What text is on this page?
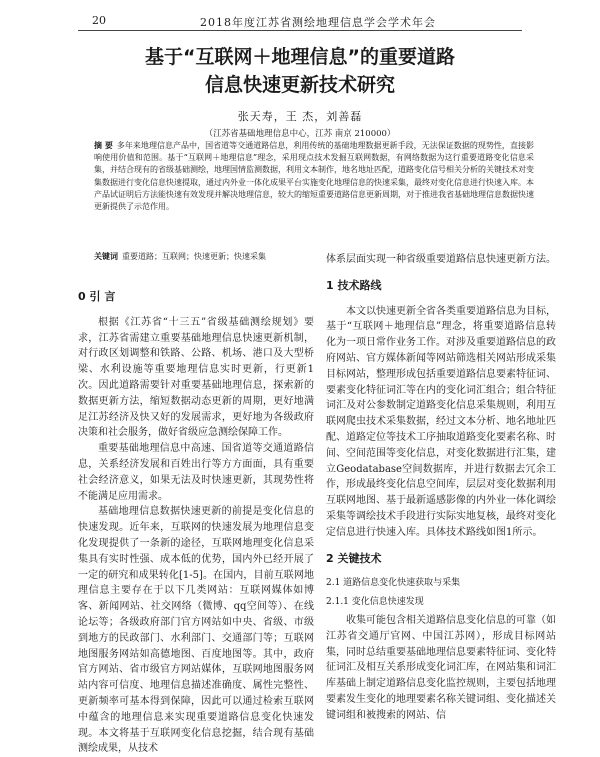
20	2018年度江苏省测绘地理信息学会学术年会
基于“互联网＋地理信息”的重要道路
信息快速更新技术研究
张天寿，王 杰，刘善磊
（江苏省基础地理信息中心，江苏 南京 210000）
摘 要 多年来地理信息产品中，国省道等交通道路信息，利用传统的基础地理数据更新手段，无法保证数据的现势性，直接影响使用价值和范围。基于“互联网＋地理信息”理念，采用现点技术发掘互联网数据，有网络数据为这行重要道路变化信息采集，并结合现有的省级基础测绘，地理国情监测数据，利用文本制作，地名地址匹配，道路变化信号相关分析的关键技术对变集数据进行变化信息快速提取，通过内外业一体化成果平台实施变化地理信息的快速采集，最终对变化信息进行快速入库。本产品试证明后方法能快速有效发现并解决地理信息，较大的缩短重要道路信息更新周期，对于推进我省基础地理信息数据快速更新提供了示范作用。
关键词 重要道路；互联网；快速更新；快速采集
0 引 言

根据《江苏省“十三五”省级基础测绘规划》要求，江苏省需建立重要基础地理信息快速更新机制，对行政区划调整和铁路、公路、机场、港口及大型桥梁、水利设施等重要地理信息实时更新，行更新1次。因此道路需要针对重要基础地理信息，探索新的数据更新方法，缩短数据动态更新的周期，更好地满足江苏经济及快又好的发展需求，更好地为各级政府决策和社会服务，做好省级应急测绘保障工作。

重要基础地理信息中高速、国省道等交通道路信息，关系经济发展和百姓出行等方方面面，具有重要社会经济意义，如果无法及时快速更新，其现势性将不能满足应用需求。

基础地理信息数据快速更新的前提是变化信息的快速发现。近年来，互联网的快速发展为地理信息变化发现提供了一条新的途径，互联网地理变化信息采集具有实时性强、成本低的优势，国内外已经开展了一定的研究和成果转化[1-5]。在国内，目前互联网地理信息主要存在于以下几类网站：互联网媒体如博客、新闻网站、社交网络（微博、qq空间等）、在线论坛等；各级政府部门官方网站如中央、省级、市级到地方的民政部门、水利部门、交通部门等；互联网地图服务网站如高德地图、百度地图等。其中，政府官方网站、省市级官方网站媒体，互联网地图服务网站内容可信度、地理信息描述准确度、属性完整性、更新频率可基本得到保障，因此可以通过检索互联网中蕴含的地理信息来实现重要道路信息变化快速发现。本文将基于互联网变化信息挖掘，结合现有基础测绘成果，从技术

体系层面实现一种省级重要道路信息快速更新方法。

1 技术路线

本文以快速更新全省各类重要道路信息为目标，基于“互联网＋地理信息”理念，将重要道路信息转化为一项日常作业务工作。对涉及重要道路信息的政府网站、官方媒体新闻等网站筛选相关网站形成采集目标网站，整理形成包括重要道路信息要素特征词、要素变化特征词汇等在内的变化词汇组合；组合特征词汇及对公参数制定道路变化信息采集规则，利用互联网爬虫技术采集数据，经过文本分析、地名地址匹配、道路定位等技术工序抽取道路变化要素名称、时间、空间范围等变化信息，对变化数据进行汇集，建立Geodatabase空间数据库，并进行数据去冗余工作，形成最终变化信息空间库，层层对变化数据利用互联网地图、基于最新遥感影像的内外业一体化调绘采集等调绘技术手段进行实际实地复核，最终对变化定信息进行快速入库。具体技术路线如图1所示。

2 关键技术
2.1 道路信息变化快速获取与采集
2.1.1 变化信息快速发现

收集可能包含相关道路信息变化信息的可靠（如江苏省交通厅官网、中国江苏网），形成目标网站集，同时总结重要基础地理信息要素特征词、变化特征词汇及相互关系形成变化词汇库，在网站集和词汇库基础上制定道路信息变化监控规则，主要包括地理要素发生变化的地理要素名称关键词组、变化描述关键词组和被搜索的网站、信
